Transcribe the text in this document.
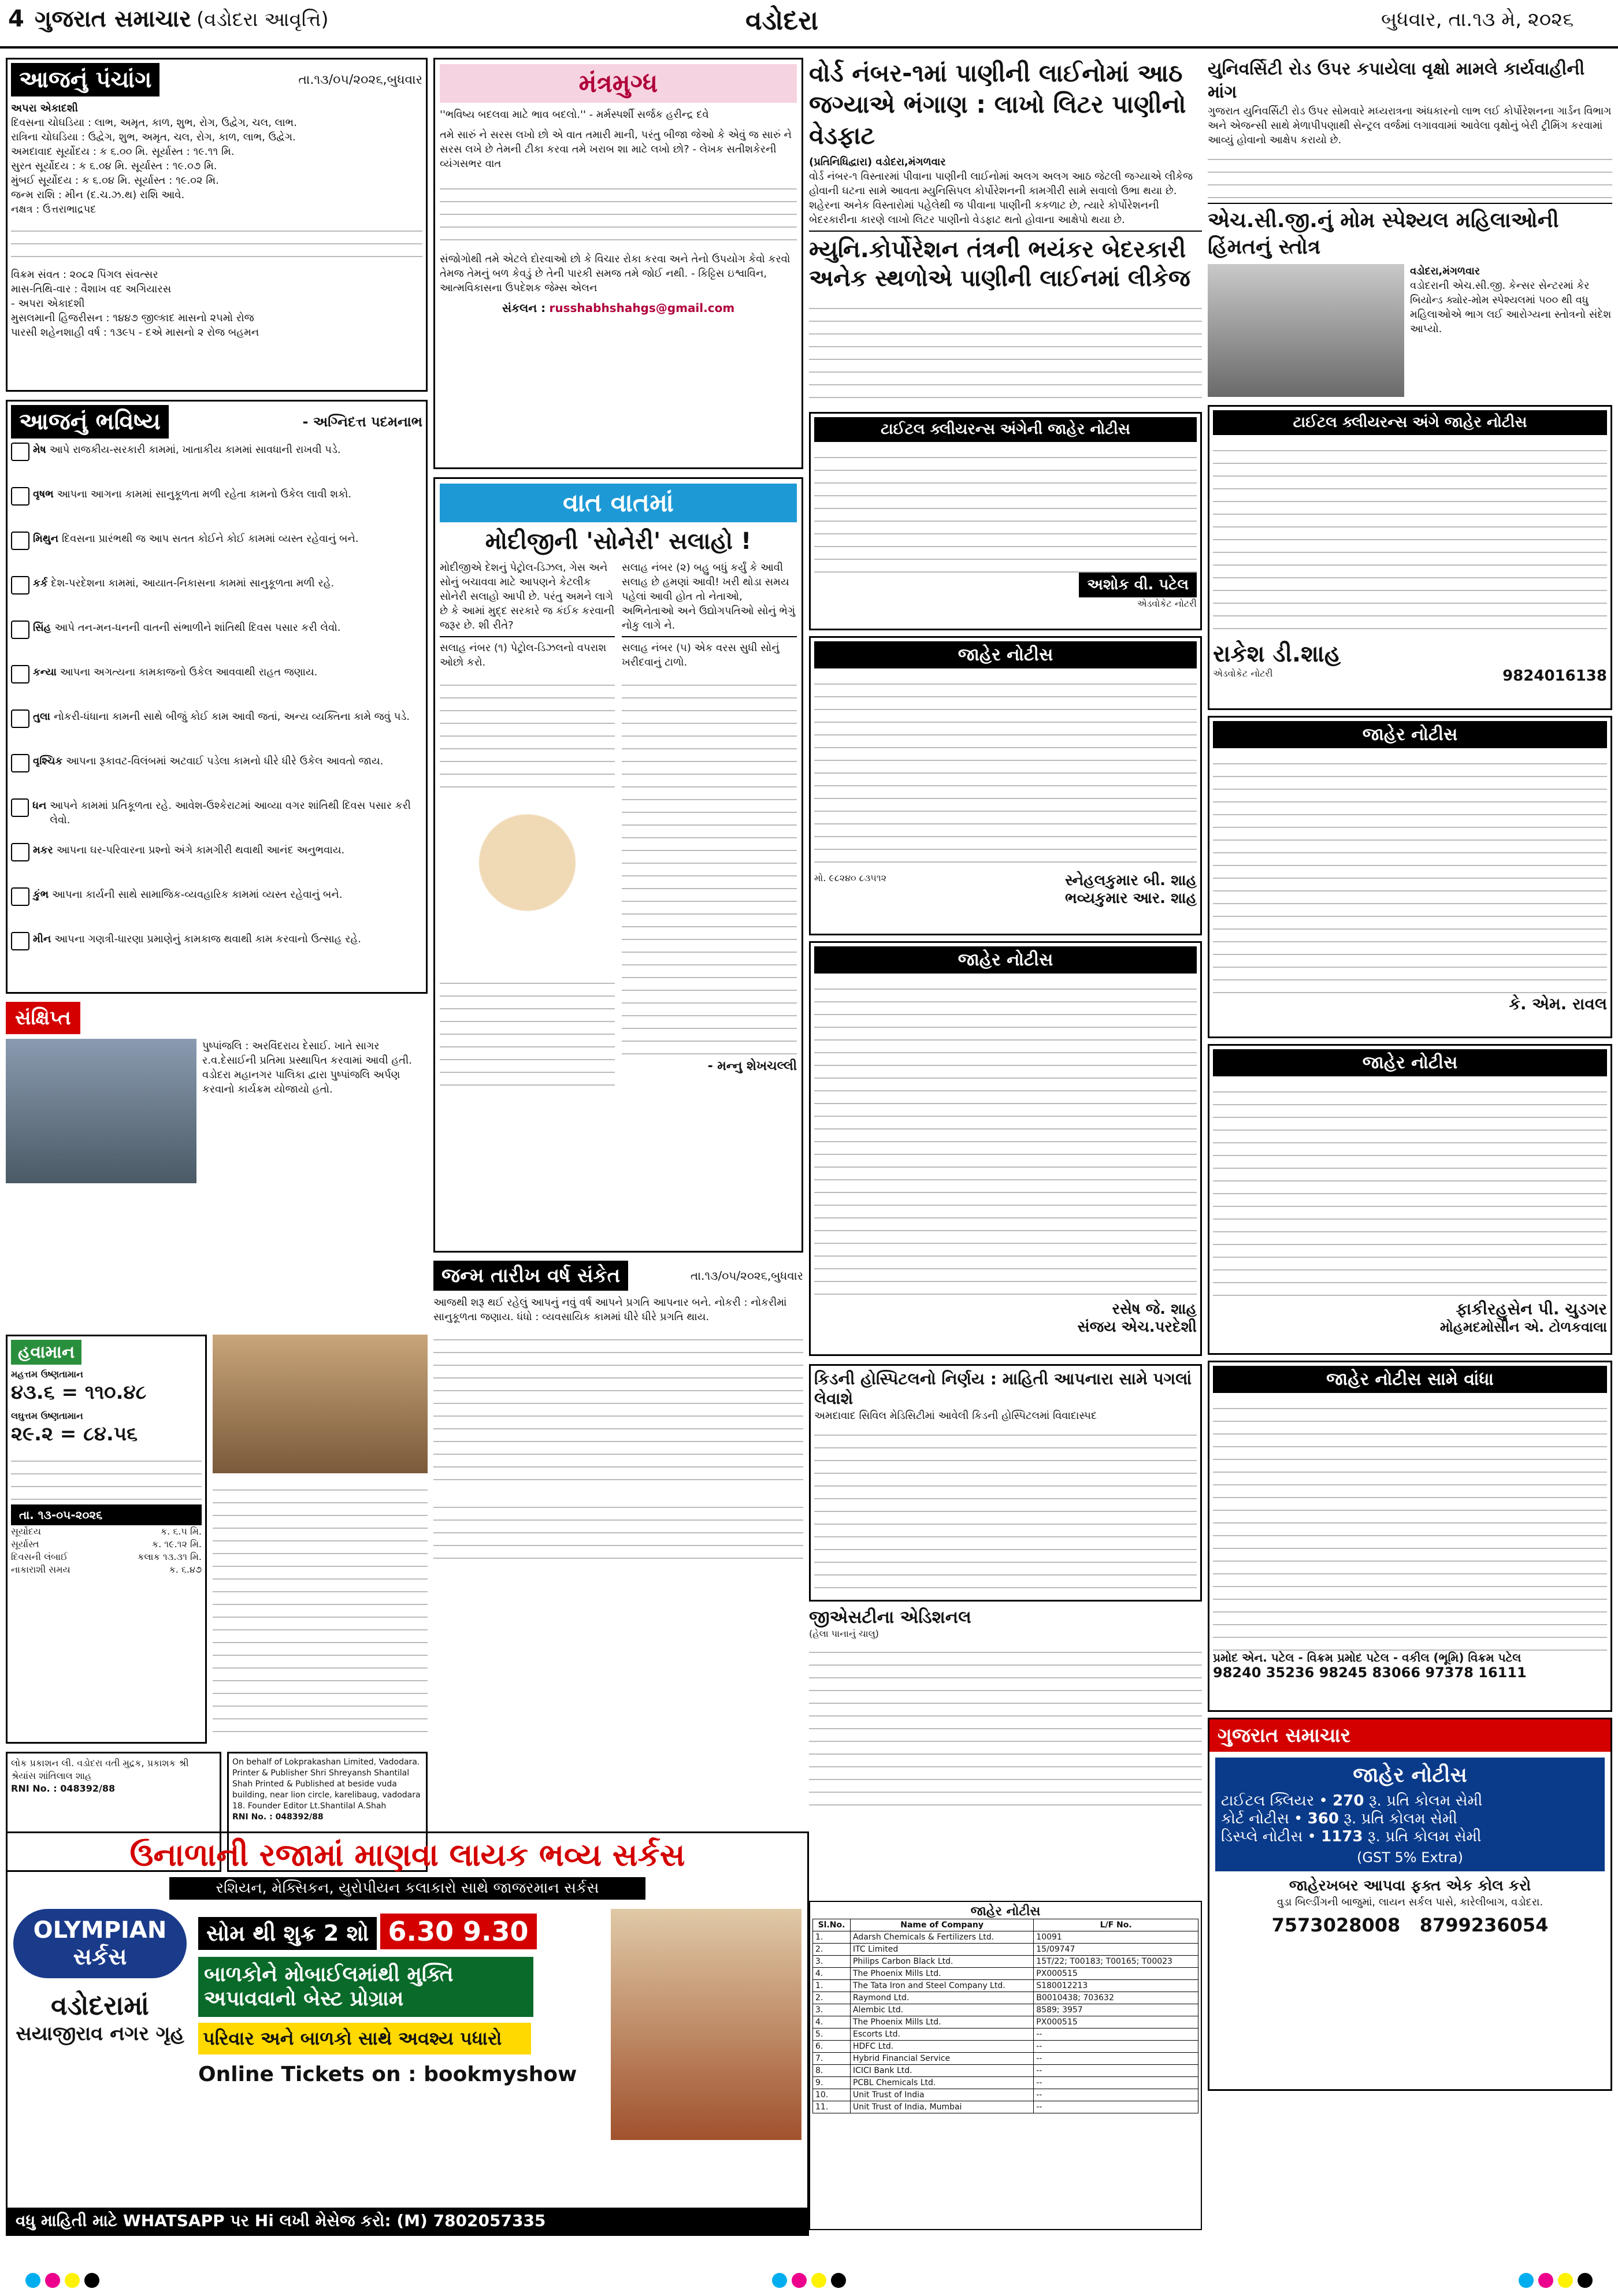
4 ગુજરાત સમાચાર (વડોદરા આવૃત્તિ)	વડોદરા	બુધવાર, તા.૧૩ મે, ૨૦૨૬
આજનું પંચાંગ	તા.૧૩/૦૫/૨૦૨૬,બુધવાર
અપરા એકાદશી
દિવસના ચોઘડિયા : લાભ, અમૃત, કાળ, શુભ, રોગ, ઉદ્વેગ, ચલ, લાભ.
રાત્રિના ચોઘડિયા : ઉદ્વેગ, શુભ, અમૃત, ચલ, રોગ, કાળ, લાભ, ઉદ્વેગ.
અમદાવાદ સૂર્યોદય : ક ૬.૦૦ મિ. સૂર્યાસ્ત : ૧૯.૧૧ મિ.
સુરત સૂર્યોદય : ક ૬.૦૪ મિ. સૂર્યાસ્ત : ૧૯.૦૭ મિ.
મુંબઈ સૂર્યોદય : ક ૬.૦૪ મિ. સૂર્યાસ્ત : ૧૯.૦૨ મિ.
જન્મ રાશિ : મીન (દ.ચ.ઝ.થ) રાશિ આવે.
નક્ષત્ર : ઉત્તરાભાદ્રપદ
વિક્રમ સંવત : ૨૦૮૨ પિંગલ સંવત્સર
માસ-તિથિ-વાર : વૈશાખ વદ અગિયારસ
- અપરા એકાદશી
મુસલમાની હિજરીસન : ૧૪૪૭ જીલ્કાદ માસનો ૨૫મો રોજ
પારસી શહેનશાહી વર્ષ : ૧૩૯૫ - દએ માસનો ૨ રોજ બહમન
આજનું ભવિષ્ય	- અગ્નિદત્ત પદમનાભ
મેષ આપે રાજકીય-સરકારી કામમાં, ખાતાકીય કામમાં સાવધાની રાખવી પડે.
વૃષભ આપના આગના કામમાં સાનુકૂળતા મળી રહેતા કામનો ઉકેલ લાવી શકો.
મિથુન દિવસના પ્રારંભથી જ આપ સતત કોઈને કોઈ કામમાં વ્યસ્ત રહેવાનું બને.
કર્ક દેશ-પરદેશના કામમાં, આયાત-નિકાસના કામમાં સાનુકૂળતા મળી રહે.
સિંહ આપે તન-મન-ધનની વાતની સંભાળીને શાંતિથી દિવસ પસાર કરી લેવો.
કન્યા આપના અગત્યના કામકાજનો ઉકેલ આવવાથી રાહત જણાય.
તુલા નોકરી-ધંધાના કામની સાથે બીજું કોઈ કામ આવી જતાં, અન્ય વ્યક્તિના કામે જવું પડે.
વૃશ્ચિક આપના રૂકાવટ-વિલંબમાં અટવાઈ પડેલા કામનો ધીરે ધીરે ઉકેલ આવતો જાય.
ધન આપને કામમાં પ્રતિકૂળતા રહે. આવેશ-ઉશ્કેરાટમાં આવ્યા વગર શાંતિથી દિવસ પસાર કરી લેવો.
મકર આપના ઘર-પરિવારના પ્રશ્નો અંગે કામગીરી થવાથી આનંદ અનુભવાય.
કુંભ આપના કાર્યની સાથે સામાજિક-વ્યવહારિક કામમાં વ્યસ્ત રહેવાનું બને.
મીન આપના ગણત્રી-ધારણા પ્રમાણેનું કામકાજ થવાથી કામ કરવાનો ઉત્સાહ રહે.
સંક્ષિપ્ત
પુષ્પાંજલિ : અરવિંદરાય દેસાઈ. ખાતે સાગર ર.વ.દેસાઈની પ્રતિમા પ્રસ્થાપિત કરવામાં આવી હતી. વડોદરા મહાનગર પાલિકા દ્વારા પુષ્પાંજલિ અર્પણ કરવાનો કાર્યક્રમ યોજાયો હતો.
હવામાન
મહત્તમ ઉષ્ણતામાન
૪૩.૬ = ૧૧૦.૪૮
લઘુત્તમ ઉષ્ણતામાન
૨૯.૨ = ૮૪.૫૬
તા. ૧૩-૦૫-૨૦૨૬
સૂર્યોદય	ક. ૬.૫ મિ.
સૂર્યાસ્ત	ક. ૧૯.૧૨ મિ.
દિવસની લંબાઈ	કલાક ૧૩.૩૧ મિ.
નાકારાશી સમય	ક. ૬.૪૭
લોક પ્રકાશન લી. વડોદરા વતી મુદ્રક, પ્રકાશક શ્રી શ્રેયાંસ શાંતિલાલ શાહ
RNI No. : 048392/88
On behalf of Lokprakashan Limited, Vadodara. Printer & Publisher Shri Shreyansh Shantilal Shah Printed & Published at beside vuda building, near lion circle, karelibaug, vadodara 18. Founder Editor Lt.Shantilal A.Shah
RNI No. : 048392/88
મંત્રમુગ્ધ
''ભવિષ્ય બદલવા માટે ભાવ બદલો.'' - મર્મસ્પર્શી સર્જક હરીન્દ્ર દવે
તમે સારું ને સરસ લખો છો એ વાત તમારી માની, પરંતુ બીજા જેઓ કે એવું જ સારું ને સરસ લખે છે તેમની ટીકા કરવા તમે ખરાબ શા માટે લખો છો? - લેખક સતીશકેરની વ્યંગસભર વાત
સંજોગોથી તમે એટલે દોરવાઓ છો કે વિચાર રોકા કરવા અને તેનો ઉપયોગ કેવો કરવો તેમજ તેમનું બળ કેવડું છે તેની પારકી સમજ તમે જોઈ નથી. - કિટ્ટિસ ઇશ્વાવિન, આત્મવિકાસના ઉપદેશક જેમ્સ એલન
સંકલન : russhabhshahgs@gmail.com
વાત વાતમાં
મોદીજીની 'સોનેરી' સલાહો !
મોદીજીએ દેશનું પેટ્રોલ-ડિઝલ, ગેસ અને સોનું બચાવવા માટે આપણને કેટલીક સોનેરી સલાહો આપી છે. પરંતુ અમને લાગે છે કે આમાં મુદ્દ સરકારે જ કંઈક કરવાની જરૂર છે. શી રીતે?
સલાહ નંબર (૧) પેટ્રોલ-ડિઝલનો વપરાશ ઓછો કરો.
સલાહ નંબર (૨) બહુ બધું કર્યું કે આવી સલાહ છે હમણાં આવી! ખરી થોડા સમય પહેલાં આવી હોત તો નેતાઓ, અભિનેતાઓ અને ઉદ્યોગપતિઓ સોનું ભેગું નોકુ લાગે ને.
સલાહ નંબર (૫) એક વરસ સુધી સોનું ખરીદવાનું ટાળો.
- મન્નુ શેખચલ્લી
જન્મ તારીખ વર્ષ સંકેત	તા.૧૩/૦૫/૨૦૨૬,બુધવાર
આજથી શરૂ થઈ રહેલું આપનું નવું વર્ષ આપને પ્રગતિ આપનાર બને. નોકરી : નોકરીમાં સાનુકૂળતા જણાય. ધંધો : વ્યવસાયિક કામમાં ધીરે ધીરે પ્રગતિ થાય.
ઉનાળાની રજામાં માણવા લાયક ભવ્ય સર્કસ
રશિયન, મેક્સિકન, યુરોપીયન કલાકારો સાથે જાજરમાન સર્કસ
OLYMPIAN સર્કસ
વડોદરામાં
સયાજીરાવ નગર ગૃહ
સોમ થી શુક્ર 2 શો 6.30 9.30
બાળકોને મોબાઈલમાંથી મુક્તિ અપાવવાનો બેસ્ટ પ્રોગ્રામ
પરિવાર અને બાળકો સાથે અવશ્ય પધારો
Online Tickets on : bookmyshow
વધુ માહિતી માટે WHATSAPP પર Hi લખી મેસેજ કરો: (M) 7802057335
વોર્ડ નંબર-૧માં પાણીની લાઈનોમાં આઠ જગ્યાએ ભંગાણ : લાખો લિટર પાણીનો વેડફાટ
(પ્રતિનિધિદ્વારા) વડોદરા,મંગળવાર
વોર્ડ નંબર-૧ વિસ્તારમાં પીવાના પાણીની લાઈનોમાં અલગ અલગ આઠ જેટલી જગ્યાએ લીકેજ હોવાની ઘટના સામે આવતા મ્યુનિસિપલ કોર્પોરેશનની કામગીરી સામે સવાલો ઉભા થયા છે. શહેરના અનેક વિસ્તારોમાં પહેલેથી જ પીવાના પાણીની કકળાટ છે, ત્યારે કોર્પોરેશનની બેદરકારીના કારણે લાખો લિટર પાણીનો વેડફાટ થતો હોવાના આક્ષેપો થયા છે.
મ્યુનિ.કોર્પોરેશન તંત્રની ભયંકર બેદરકારી અનેક સ્થળોએ પાણીની લાઈનમાં લીકેજ
ટાઈટલ ક્લીયરન્સ અંગેની જાહેર નોટીસ
અશોક વી. પટેલ
એડવોકેટ નોટરી
જાહેર નોટીસ
મો. ૯૮૨૪૦ ૮૩૫૧૨	સ્નેહલકુમાર બી. શાહ
ભવ્યકુમાર આર. શાહ
જાહેર નોટીસ
રસેષ જે. શાહ
સંજય એચ.પરદેશી
કિડની હોસ્પિટલનો નિર્ણય : માહિતી આપનારા સામે પગલાં લેવાશે
અમદાવાદ સિવિલ મેડિસિટીમાં આવેલી કિડની હોસ્પિટલમાં વિવાદાસ્પદ
જીએસટીના એડિશનલ
(હેલા પાનાનું ચાલુ)
યુનિવર્સિટી રોડ ઉપર કપાયેલા વૃક્ષો મામલે કાર્યવાહીની માંગ
ગુજરાત યુનિવર્સિટી રોડ ઉપર સોમવારે મધ્યરાત્રના અંધકારનો લાભ લઈ કોર્પોરેશનના ગાર્ડન વિભાગ અને એજન્સી સાથે મેળાપીપણાથી સેન્ટ્રલ વર્જમાં લગાવવામાં આવેલા વૃક્ષોનું બેરી ટ્રીમિંગ કરવામાં આવ્યું હોવાનો આક્ષેપ કરાયો છે.
એચ.સી.જી.નું મોમ સ્પેશ્યલ મહિલાઓની હિંમતનું સ્તોત્ર
વડોદરા,મંગળવાર
વડોદરાની એચ.સી.જી. કેન્સર સેન્ટરમાં કેર બિયોન્ડ ક્યોર-મોમ સ્પેશ્યલમાં ૫૦૦ થી વધુ મહિલાઓએ ભાગ લઈ આરોગ્યના સ્તોત્રનો સંદેશ આપ્યો.
ટાઈટલ ક્લીયરન્સ અંગે જાહેર નોટીસ
રાકેશ ડી.શાહ
એડવોકેટ નોટરી	9824016138
જાહેર નોટીસ
કે. એમ. રાવલ
જાહેર નોટીસ
ફાકીરહુસેન પી. ચુડગર
મોહમદમોસીન એ. ટોળકવાલા
જાહેર નોટીસ સામે વાંધા
પ્રમોદ એન. પટેલ - વિક્રમ પ્રમોદ પટેલ - વકીલ (ભૂમિ) વિક્રમ પટેલ
98240 35236 98245 83066 97378 16111
ગુજરાત સમાચાર
જાહેર નોટીસ
ટાઈટલ ક્લિયર • 270 રૂ. પ્રતિ કોલમ સેમી
કોર્ટ નોટીસ • 360 રૂ. પ્રતિ કોલમ સેમી
ડિસ્પ્લે નોટીસ • 1173 રૂ. પ્રતિ કોલમ સેમી
(GST 5% Extra)
જાહેરખબર આપવા ફક્ત એક કોલ કરો
વુડા બિલ્ડીંગની બાજુમાં, લાયન સર્કલ પાસે, કારેલીબાગ, વડોદરા.
7573028008 8799236054
જાહેર નોટીસ
Sl.No.	Name of Company	L/F No.
1.	Adarsh Chemicals & Fertilizers Ltd.	10091
2.	ITC Limited	15/09747
3.	Philips Carbon Black Ltd.	15T/22; T00183; T00165; T00023
4.	The Phoenix Mills Ltd.	PX000515
1.	The Tata Iron and Steel Company Ltd.	S180012213
2.	Raymond Ltd.	B0010438; 703632
3.	Alembic Ltd.	8589; 3957
4.	The Phoenix Mills Ltd.	PX000515
5.	Escorts Ltd.	--
6.	HDFC Ltd.	--
7.	Hybrid Financial Service	--
8.	ICICI Bank Ltd.	--
9.	PCBL Chemicals Ltd.	--
10.	Unit Trust of India	--
11.	Unit Trust of India, Mumbai	--
